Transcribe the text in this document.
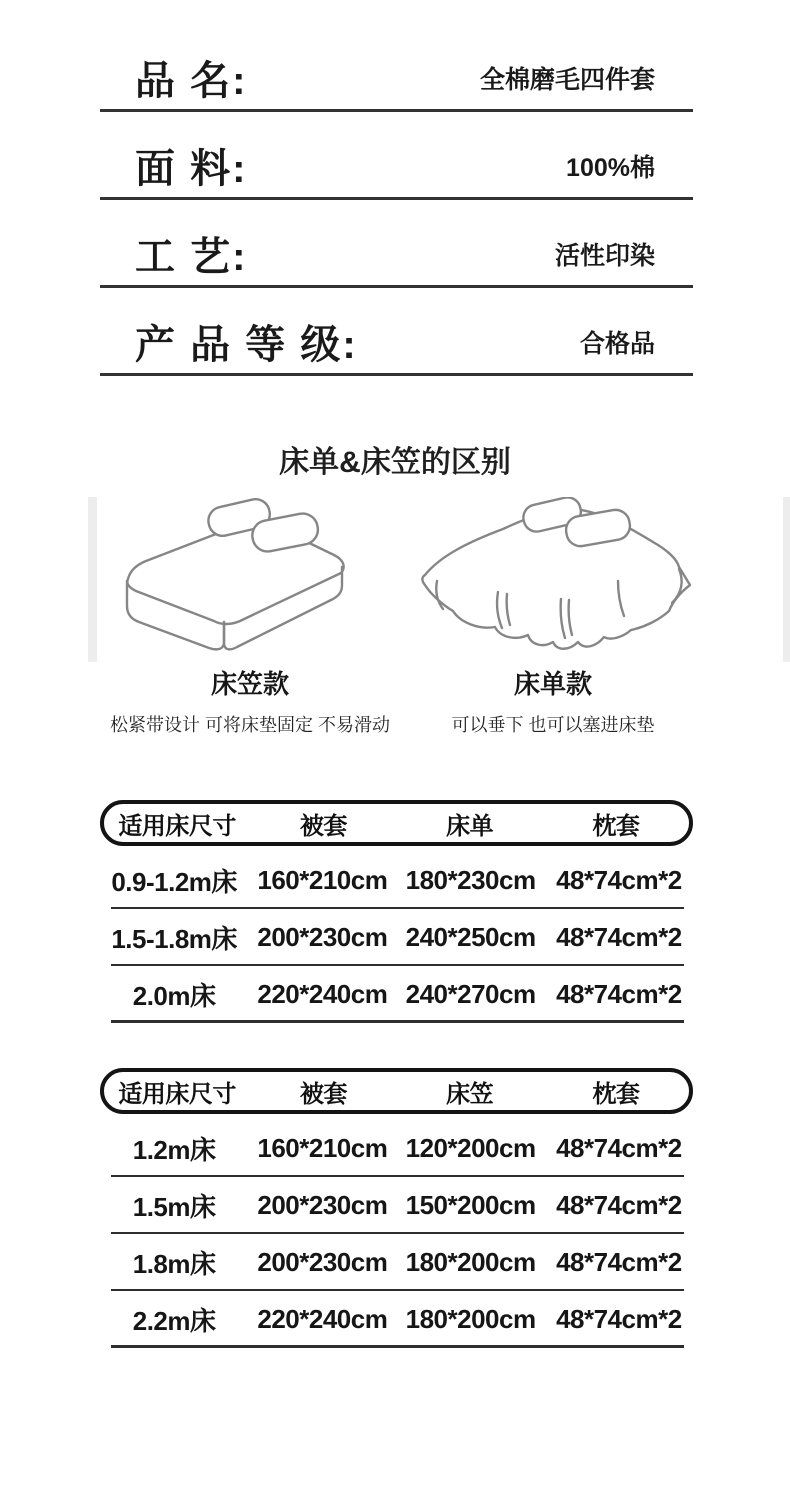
品 名:	全棉磨毛四件套
面 料:	100%棉
工 艺:	活性印染
产 品 等 级:	合格品
床单&床笠的区别
床笠款
松紧带设计 可将床垫固定 不易滑动
床单款
可以垂下 也可以塞进床垫
适用床尺寸	被套	床单	枕套
0.9-1.2m床 160*210cm 180*230cm 48*74cm*2
1.5-1.8m床 200*230cm 240*250cm 48*74cm*2
2.0m床	220*240cm 240*270cm 48*74cm*2
适用床尺寸	被套	床笠	枕套
1.2m床	160*210cm 120*200cm 48*74cm*2
1.5m床	200*230cm 150*200cm 48*74cm*2
1.8m床	200*230cm 180*200cm 48*74cm*2
2.2m床	220*240cm 180*200cm 48*74cm*2
